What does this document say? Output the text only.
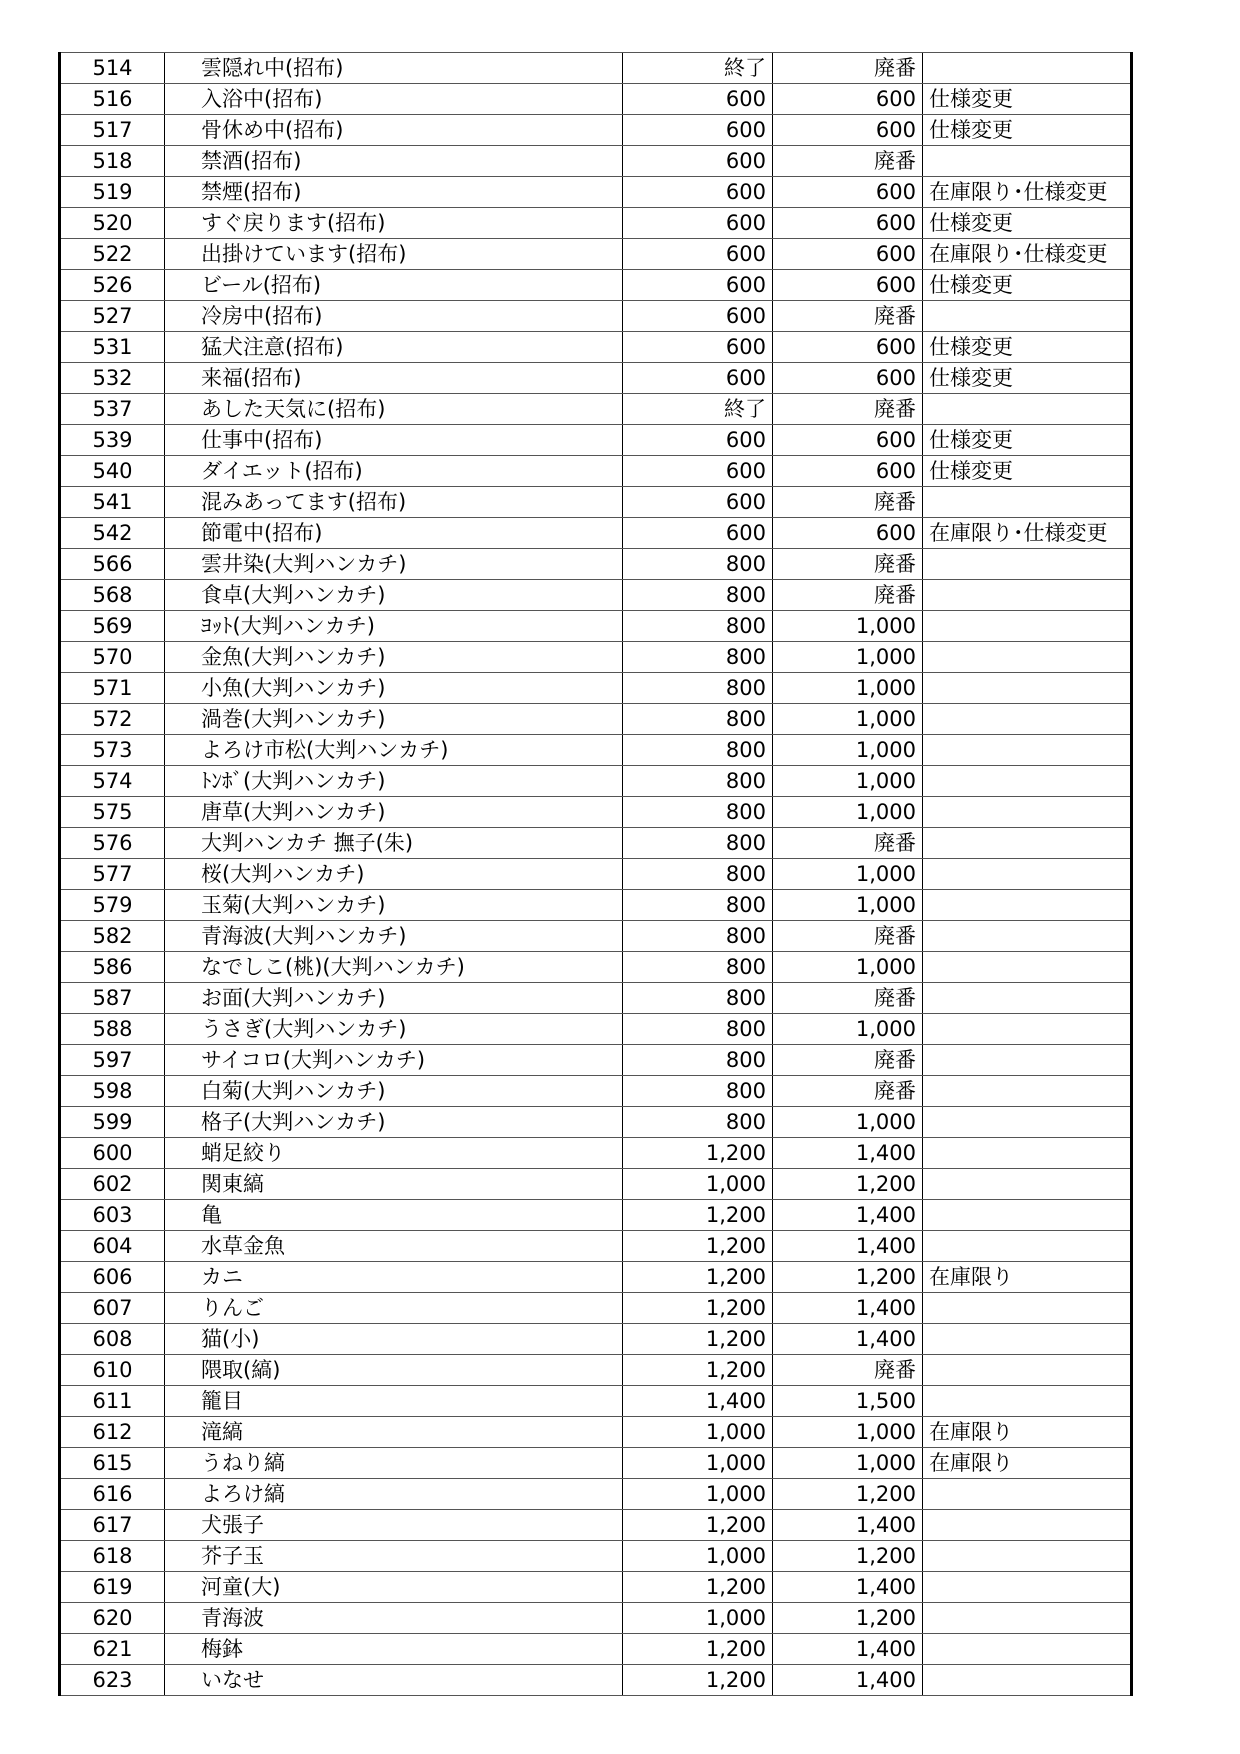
514	雲隠れ中(招布)	終了	廃番	
516	入浴中(招布)	600	600	仕様変更
517	骨休め中(招布)	600	600	仕様変更
518	禁酒(招布)	600	廃番	
519	禁煙(招布)	600	600	在庫限り･仕様変更
520	すぐ戻ります(招布)	600	600	仕様変更
522	出掛けています(招布)	600	600	在庫限り･仕様変更
526	ビール(招布)	600	600	仕様変更
527	冷房中(招布)	600	廃番	
531	猛犬注意(招布)	600	600	仕様変更
532	来福(招布)	600	600	仕様変更
537	あした天気に(招布)	終了	廃番	
539	仕事中(招布)	600	600	仕様変更
540	ダイエット(招布)	600	600	仕様変更
541	混みあってます(招布)	600	廃番	
542	節電中(招布)	600	600	在庫限り･仕様変更
566	雲井染(大判ハンカチ)	800	廃番	
568	食卓(大判ハンカチ)	800	廃番	
569	ﾖｯﾄ(大判ハンカチ)	800	1,000	
570	金魚(大判ハンカチ)	800	1,000	
571	小魚(大判ハンカチ)	800	1,000	
572	渦巻(大判ハンカチ)	800	1,000	
573	よろけ市松(大判ハンカチ)	800	1,000	
574	ﾄﾝﾎﾞ(大判ハンカチ)	800	1,000	
575	唐草(大判ハンカチ)	800	1,000	
576	大判ハンカチ 撫子(朱)	800	廃番	
577	桜(大判ハンカチ)	800	1,000	
579	玉菊(大判ハンカチ)	800	1,000	
582	青海波(大判ハンカチ)	800	廃番	
586	なでしこ(桃)(大判ハンカチ)	800	1,000	
587	お面(大判ハンカチ)	800	廃番	
588	うさぎ(大判ハンカチ)	800	1,000	
597	サイコロ(大判ハンカチ)	800	廃番	
598	白菊(大判ハンカチ)	800	廃番	
599	格子(大判ハンカチ)	800	1,000	
600	蛸足絞り	1,200	1,400	
602	関東縞	1,000	1,200	
603	亀	1,200	1,400	
604	水草金魚	1,200	1,400	
606	カニ	1,200	1,200	在庫限り
607	りんご	1,200	1,400	
608	猫(小)	1,200	1,400	
610	隈取(縞)	1,200	廃番	
611	籠目	1,400	1,500	
612	滝縞	1,000	1,000	在庫限り
615	うねり縞	1,000	1,000	在庫限り
616	よろけ縞	1,000	1,200	
617	犬張子	1,200	1,400	
618	芥子玉	1,000	1,200	
619	河童(大)	1,200	1,400	
620	青海波	1,000	1,200	
621	梅鉢	1,200	1,400	
623	いなせ	1,200	1,400	
